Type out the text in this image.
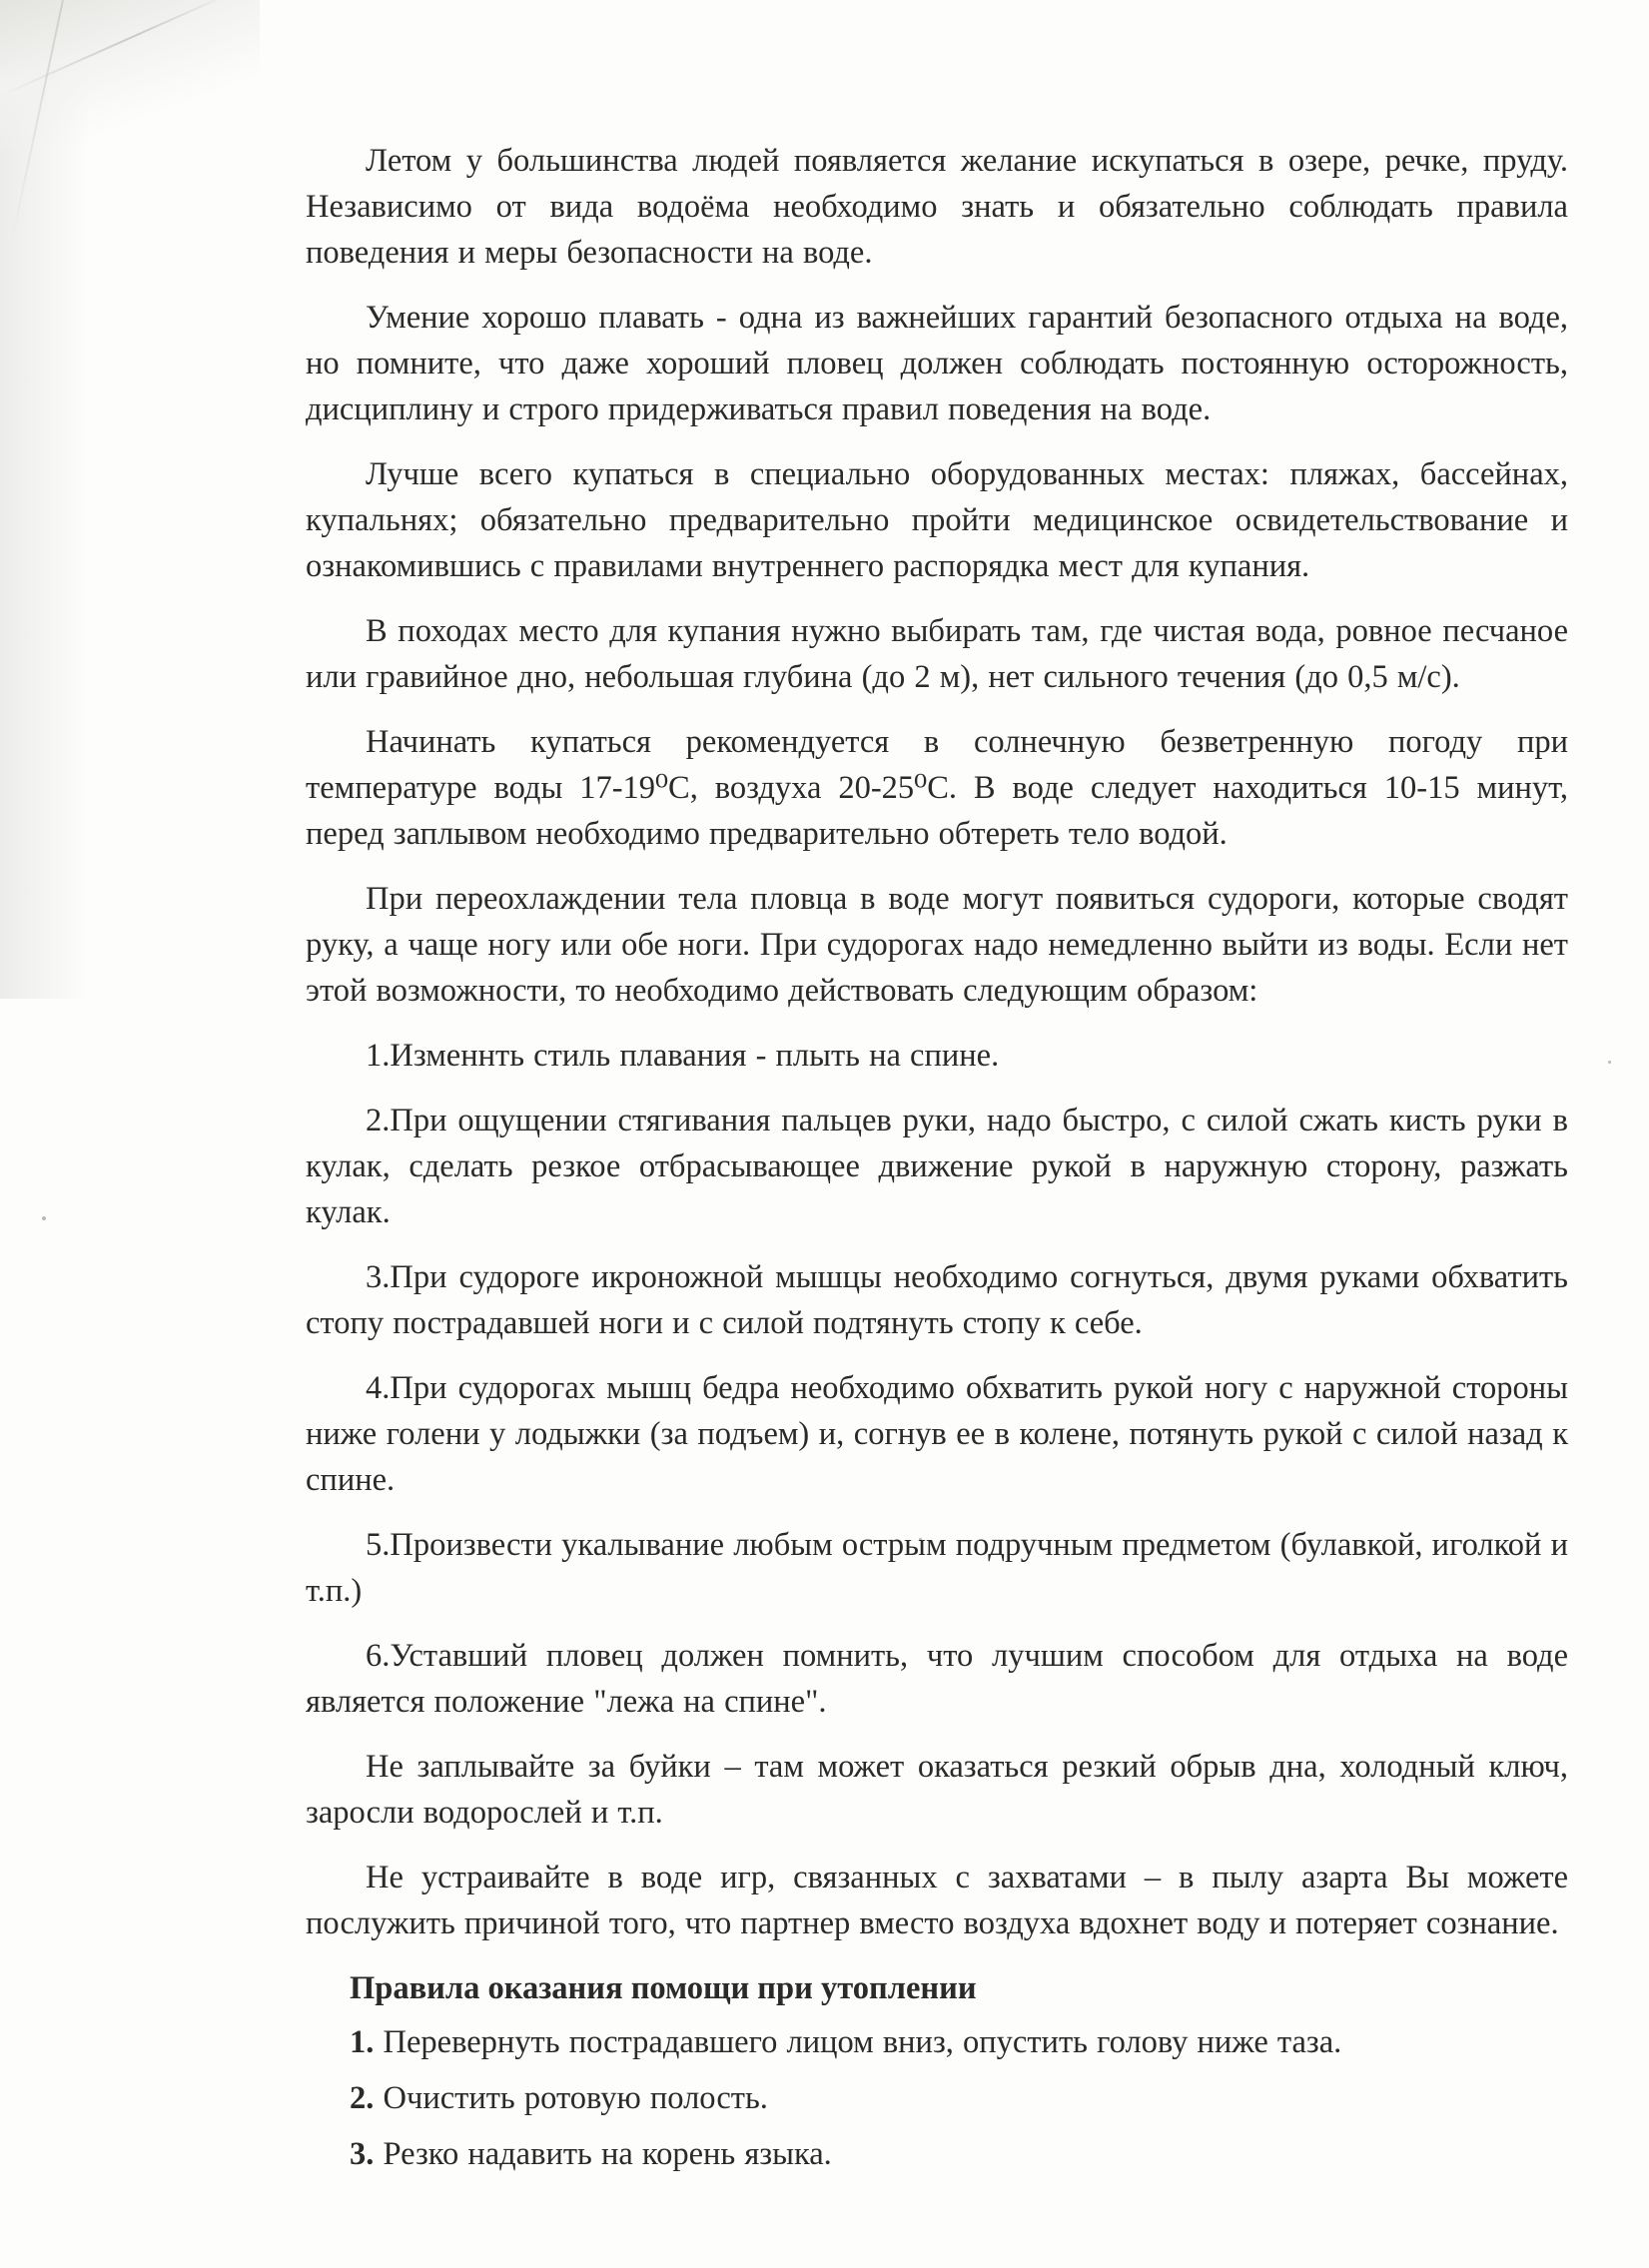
Летом у большинства людей появляется желание искупаться в озере, речке, пруду. Независимо от вида водоёма необходимо знать и обязательно соблюдать правила поведения и меры безопасности на воде.

Умение хорошо плавать - одна из важнейших гарантий безопасного отдыха на воде, но помните, что даже хороший пловец должен соблюдать постоянную осторожность, дисциплину и строго придерживаться правил поведения на воде.

Лучше всего купаться в специально оборудованных местах: пляжах, бассейнах, купальнях; обязательно предварительно пройти медицинское освидетельствование и ознакомившись с правилами внутреннего распорядка мест для купания.

В походах место для купания нужно выбирать там, где чистая вода, ровное песчаное или гравийное дно, небольшая глубина (до 2 м), нет сильного течения (до 0,5 м/с).

Начинать купаться рекомендуется в солнечную безветренную погоду при температуре воды 17-19⁰С, воздуха 20-25⁰С. В воде следует находиться 10-15 минут, перед заплывом необходимо предварительно обтереть тело водой.

При переохлаждении тела пловца в воде могут появиться судороги, которые сводят руку, а чаще ногу или обе ноги. При судорогах надо немедленно выйти из воды. Если нет этой возможности, то необходимо действовать следующим образом:

1.Изменнть стиль плавания - плыть на спине.

2.При ощущении стягивания пальцев руки, надо быстро, с силой сжать кисть руки в кулак, сделать резкое отбрасывающее движение рукой в наружную сторону, разжать кулак.

3.При судороге икроножной мышцы необходимо согнуться, двумя руками обхватить стопу пострадавшей ноги и с силой подтянуть стопу к себе.

4.При судорогах мышц бедра необходимо обхватить рукой ногу с наружной стороны ниже голени у лодыжки (за подъем) и, согнув ее в колене, потянуть рукой с силой назад к спине.

5.Произвести укалывание любым острым подручным предметом (булавкой, иголкой и т.п.)

6.Уставший пловец должен помнить, что лучшим способом для отдыха на воде является положение "лежа на спине".

Не заплывайте за буйки – там может оказаться резкий обрыв дна, холодный ключ, заросли водорослей и т.п.

Не устраивайте в воде игр, связанных с захватами – в пылу азарта Вы можете послужить причиной того, что партнер вместо воздуха вдохнет воду и потеряет сознание.

Правила оказания помощи при утоплении

1. Перевернуть пострадавшего лицом вниз, опустить голову ниже таза.

2. Очистить ротовую полость.

3. Резко надавить на корень языка.
